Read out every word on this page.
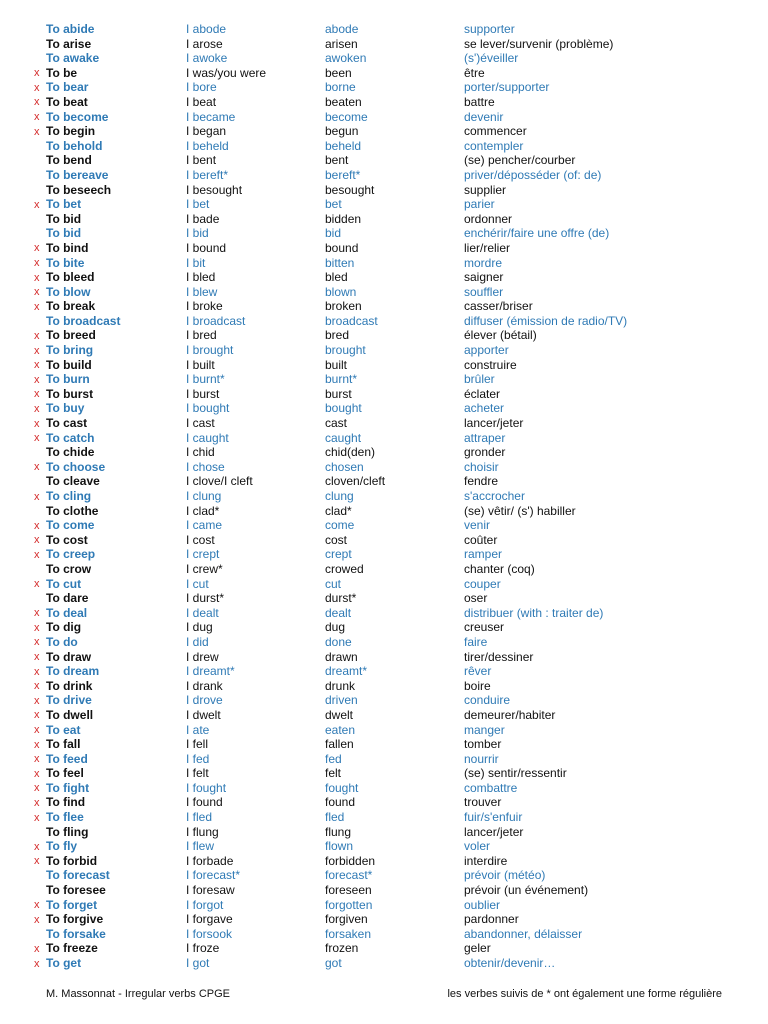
To abide	I abode	abode	supporter
To arise	I arose	arisen	se lever/survenir (problème)
To awake	I awoke	awoken	(s')éveiller
x To be	I was/you were	been	être
x To bear	I bore	borne	porter/supporter
x To beat	I beat	beaten	battre
x To become	I became	become	devenir
x To begin	I began	begun	commencer
To behold	I beheld	beheld	contempler
To bend	I bent	bent	(se) pencher/courber
To bereave	I bereft*	bereft*	priver/déposséder (of: de)
To beseech	I besought	besought	supplier
x To bet	I bet	bet	parier
To bid	I bade	bidden	ordonner
To bid	I bid	bid	enchérir/faire une offre (de)
x To bind	I bound	bound	lier/relier
x To bite	I bit	bitten	mordre
x To bleed	I bled	bled	saigner
x To blow	I blew	blown	souffler
x To break	I broke	broken	casser/briser
To broadcast	I broadcast	broadcast	diffuser (émission de radio/TV)
x To breed	I bred	bred	élever (bétail)
x To bring	I brought	brought	apporter
x To build	I built	built	construire
x To burn	I burnt*	burnt*	brûler
x To burst	I burst	burst	éclater
x To buy	I bought	bought	acheter
x To cast	I cast	cast	lancer/jeter
x To catch	I caught	caught	attraper
To chide	I chid	chid(den)	gronder
x To choose	I chose	chosen	choisir
To cleave	I clove/I cleft	cloven/cleft	fendre
x To cling	I clung	clung	s'accrocher
To clothe	I clad*	clad*	(se) vêtir/ (s') habiller
x To come	I came	come	venir
x To cost	I cost	cost	coûter
x To creep	I crept	crept	ramper
To crow	I crew*	crowed	chanter (coq)
x To cut	I cut	cut	couper
To dare	I durst*	durst*	oser
x To deal	I dealt	dealt	distribuer (with : traiter de)
x To dig	I dug	dug	creuser
x To do	I did	done	faire
x To draw	I drew	drawn	tirer/dessiner
x To dream	I dreamt*	dreamt*	rêver
x To drink	I drank	drunk	boire
x To drive	I drove	driven	conduire
x To dwell	I dwelt	dwelt	demeurer/habiter
x To eat	I ate	eaten	manger
x To fall	I fell	fallen	tomber
x To feed	I fed	fed	nourrir
x To feel	I felt	felt	(se) sentir/ressentir
x To fight	I fought	fought	combattre
x To find	I found	found	trouver
x To flee	I fled	fled	fuir/s'enfuir
To fling	I flung	flung	lancer/jeter
x To fly	I flew	flown	voler
x To forbid	I forbade	forbidden	interdire
To forecast	I forecast*	forecast*	prévoir (météo)
To foresee	I foresaw	foreseen	prévoir (un événement)
x To forget	I forgot	forgotten	oublier
x To forgive	I forgave	forgiven	pardonner
To forsake	I forsook	forsaken	abandonner, délaisser
x To freeze	I froze	frozen	geler
x To get	I got	got	obtenir/devenir…
M. Massonnat - Irregular verbs CPGE	les verbes suivis de * ont également une forme régulière
